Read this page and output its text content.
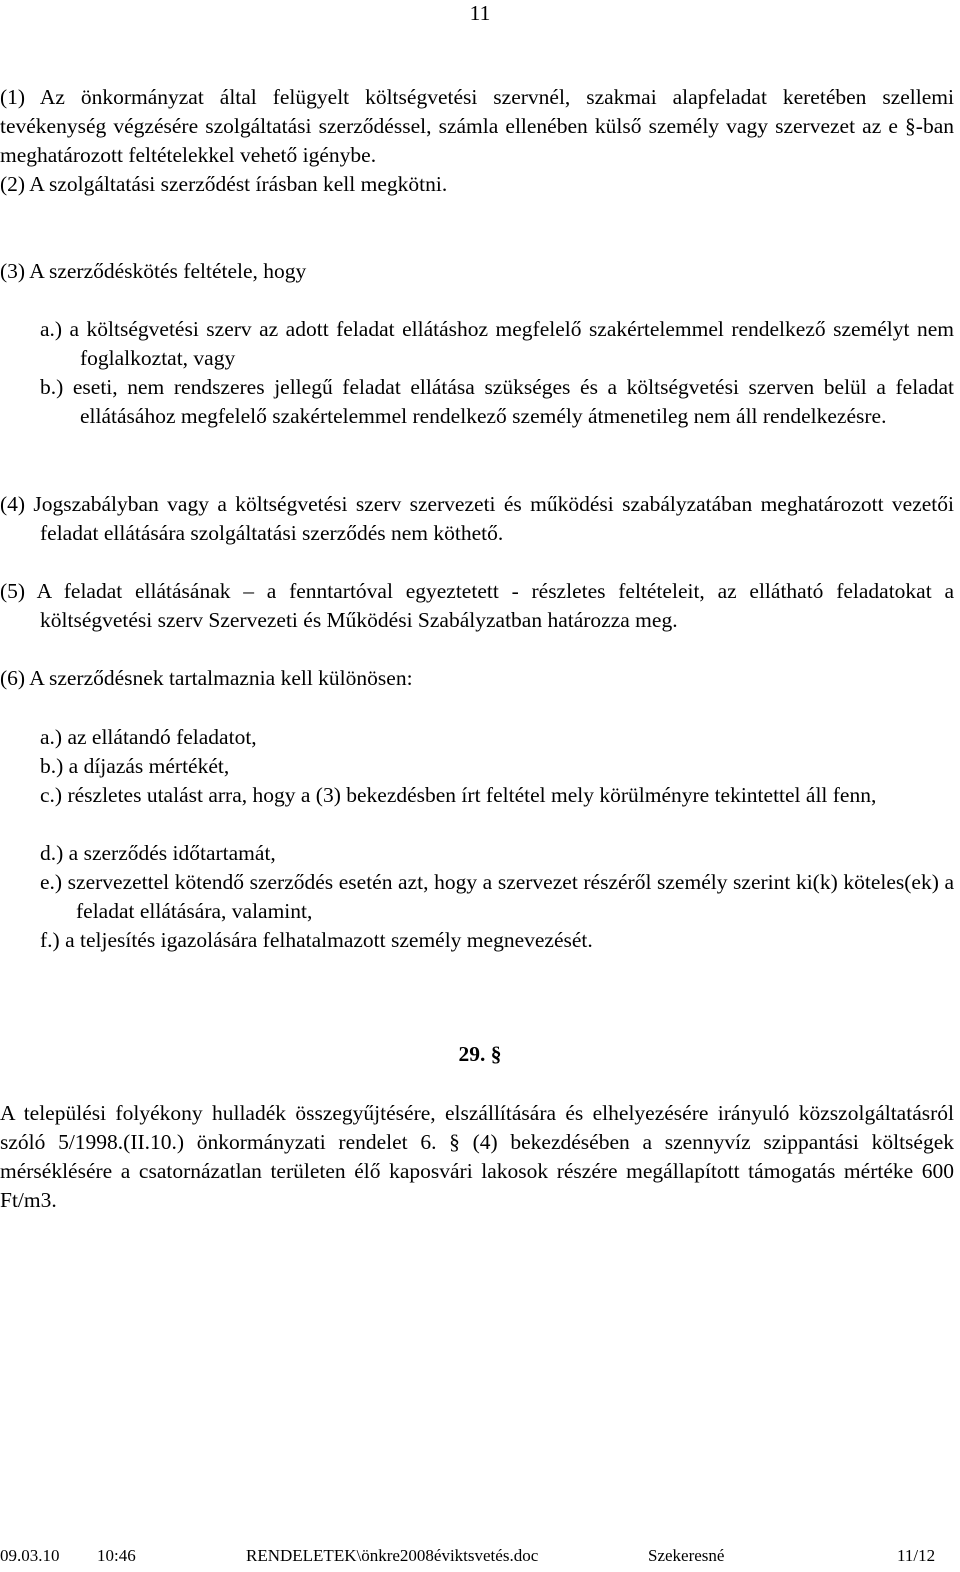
11

(1) Az önkormányzat által felügyelt költségvetési szervnél, szakmai alapfeladat keretében szellemi tevékenység végzésére szolgáltatási szerződéssel, számla ellenében külső személy vagy szervezet az e §-ban meghatározott feltételekkel vehető igénybe.

(2) A szolgáltatási szerződést írásban kell megkötni.

(3) A szerződéskötés feltétele, hogy

a.) a költségvetési szerv az adott feladat ellátáshoz megfelelő szakértelemmel rendelkező személyt nem foglalkoztat, vagy

b.) eseti, nem rendszeres jellegű feladat ellátása szükséges és a költségvetési szerven belül a feladat ellátásához megfelelő szakértelemmel rendelkező személy átmenetileg nem áll rendelkezésre.

(4) Jogszabályban vagy a költségvetési szerv szervezeti és működési szabályzatában meghatározott vezetői feladat ellátására szolgáltatási szerződés nem köthető.

(5) A feladat ellátásának – a fenntartóval egyeztetett - részletes feltételeit, az ellátható feladatokat a költségvetési szerv Szervezeti és Működési Szabályzatban határozza meg.

(6) A szerződésnek tartalmaznia kell különösen:

a.) az ellátandó feladatot,

b.) a díjazás mértékét,

c.) részletes utalást arra, hogy a (3) bekezdésben írt feltétel mely körülményre tekintettel áll fenn,

d.) a szerződés időtartamát,

e.) szervezettel kötendő szerződés esetén azt, hogy a szervezet részéről személy szerint ki(k) köteles(ek) a feladat ellátására, valamint,

f.) a teljesítés igazolására felhatalmazott személy megnevezését.

29. §

A települési folyékony hulladék összegyűjtésére, elszállítására és elhelyezésére irányuló közszolgáltatásról szóló 5/1998.(II.10.) önkormányzati rendelet 6. § (4) bekezdésében a szennyvíz szippantási költségek mérséklésére a csatornázatlan területen élő kaposvári lakosok részére megállapított támogatás mértéke 600 Ft/m3.

09.03.10 10:46	RENDELETEK\önkre2008éviktsvetés.doc	Szekeresné	11/12
